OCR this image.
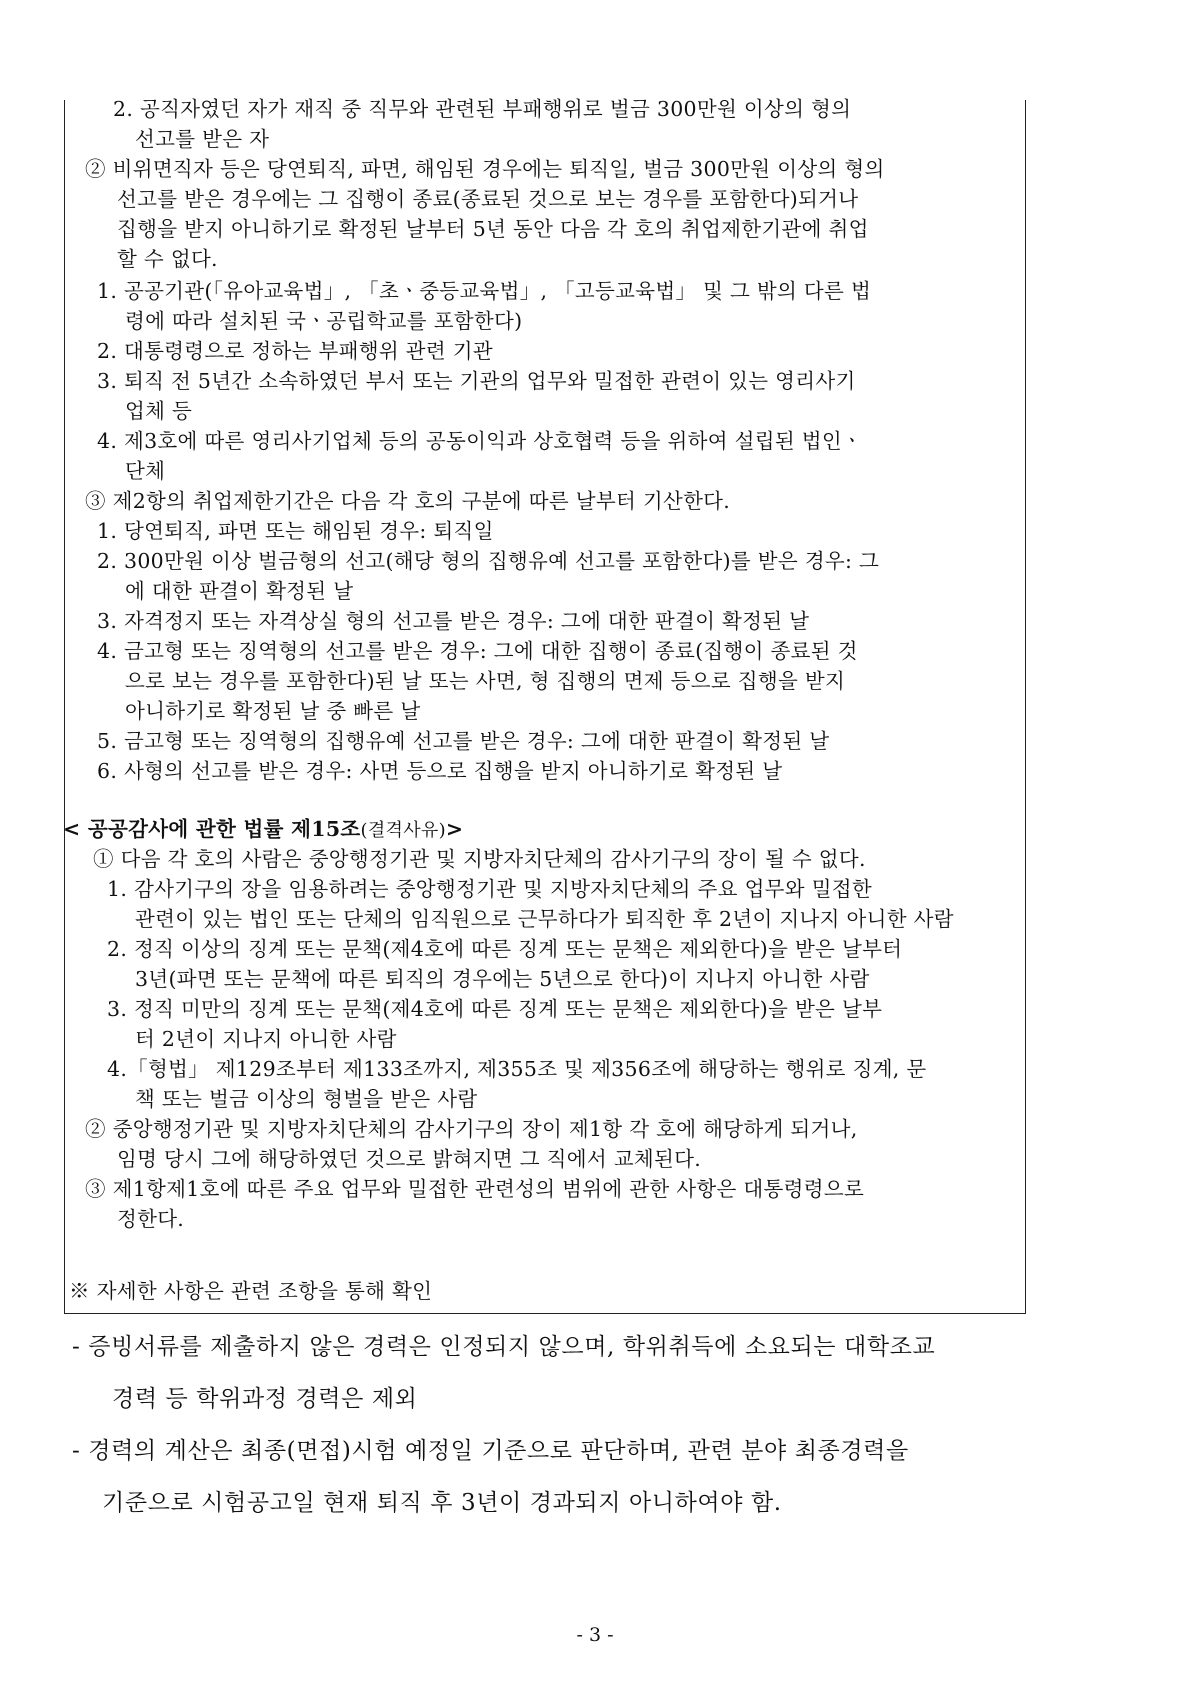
2. 공직자였던 자가 재직 중 직무와 관련된 부패행위로 벌금 300만원 이상의 형의
선고를 받은 자
② 비위면직자 등은 당연퇴직, 파면, 해임된 경우에는 퇴직일, 벌금 300만원 이상의 형의
선고를 받은 경우에는 그 집행이 종료(종료된 것으로 보는 경우를 포함한다)되거나
집행을 받지 아니하기로 확정된 날부터 5년 동안 다음 각 호의 취업제한기관에 취업
할 수 없다.
1. 공공기관(「유아교육법」, 「초ㆍ중등교육법」, 「고등교육법」 및 그 밖의 다른 법
령에 따라 설치된 국ㆍ공립학교를 포함한다)
2. 대통령령으로 정하는 부패행위 관련 기관
3. 퇴직 전 5년간 소속하였던 부서 또는 기관의 업무와 밀접한 관련이 있는 영리사기
업체 등
4. 제3호에 따른 영리사기업체 등의 공동이익과 상호협력 등을 위하여 설립된 법인ㆍ
단체
③ 제2항의 취업제한기간은 다음 각 호의 구분에 따른 날부터 기산한다.
1. 당연퇴직, 파면 또는 해임된 경우: 퇴직일
2. 300만원 이상 벌금형의 선고(해당 형의 집행유예 선고를 포함한다)를 받은 경우: 그
에 대한 판결이 확정된 날
3. 자격정지 또는 자격상실 형의 선고를 받은 경우: 그에 대한 판결이 확정된 날
4. 금고형 또는 징역형의 선고를 받은 경우: 그에 대한 집행이 종료(집행이 종료된 것
으로 보는 경우를 포함한다)된 날 또는 사면, 형 집행의 면제 등으로 집행을 받지
아니하기로 확정된 날 중 빠른 날
5. 금고형 또는 징역형의 집행유예 선고를 받은 경우: 그에 대한 판결이 확정된 날
6. 사형의 선고를 받은 경우: 사면 등으로 집행을 받지 아니하기로 확정된 날
< 공공감사에 관한 법률 제15조(결격사유)>
① 다음 각 호의 사람은 중앙행정기관 및 지방자치단체의 감사기구의 장이 될 수 없다.
1. 감사기구의 장을 임용하려는 중앙행정기관 및 지방자치단체의 주요 업무와 밀접한
관련이 있는 법인 또는 단체의 임직원으로 근무하다가 퇴직한 후 2년이 지나지 아니한 사람
2. 정직 이상의 징계 또는 문책(제4호에 따른 징계 또는 문책은 제외한다)을 받은 날부터
3년(파면 또는 문책에 따른 퇴직의 경우에는 5년으로 한다)이 지나지 아니한 사람
3. 정직 미만의 징계 또는 문책(제4호에 따른 징계 또는 문책은 제외한다)을 받은 날부
터 2년이 지나지 아니한 사람
4.「형법」 제129조부터 제133조까지, 제355조 및 제356조에 해당하는 행위로 징계, 문
책 또는 벌금 이상의 형벌을 받은 사람
② 중앙행정기관 및 지방자치단체의 감사기구의 장이 제1항 각 호에 해당하게 되거나,
임명 당시 그에 해당하였던 것으로 밝혀지면 그 직에서 교체된다.
③ 제1항제1호에 따른 주요 업무와 밀접한 관련성의 범위에 관한 사항은 대통령령으로
정한다.
※ 자세한 사항은 관련 조항을 통해 확인
- 증빙서류를 제출하지 않은 경력은 인정되지 않으며, 학위취득에 소요되는 대학조교
경력 등 학위과정 경력은 제외
- 경력의 계산은 최종(면접)시험 예정일 기준으로 판단하며, 관련 분야 최종경력을
기준으로 시험공고일 현재 퇴직 후 3년이 경과되지 아니하여야 함.
- 3 -
